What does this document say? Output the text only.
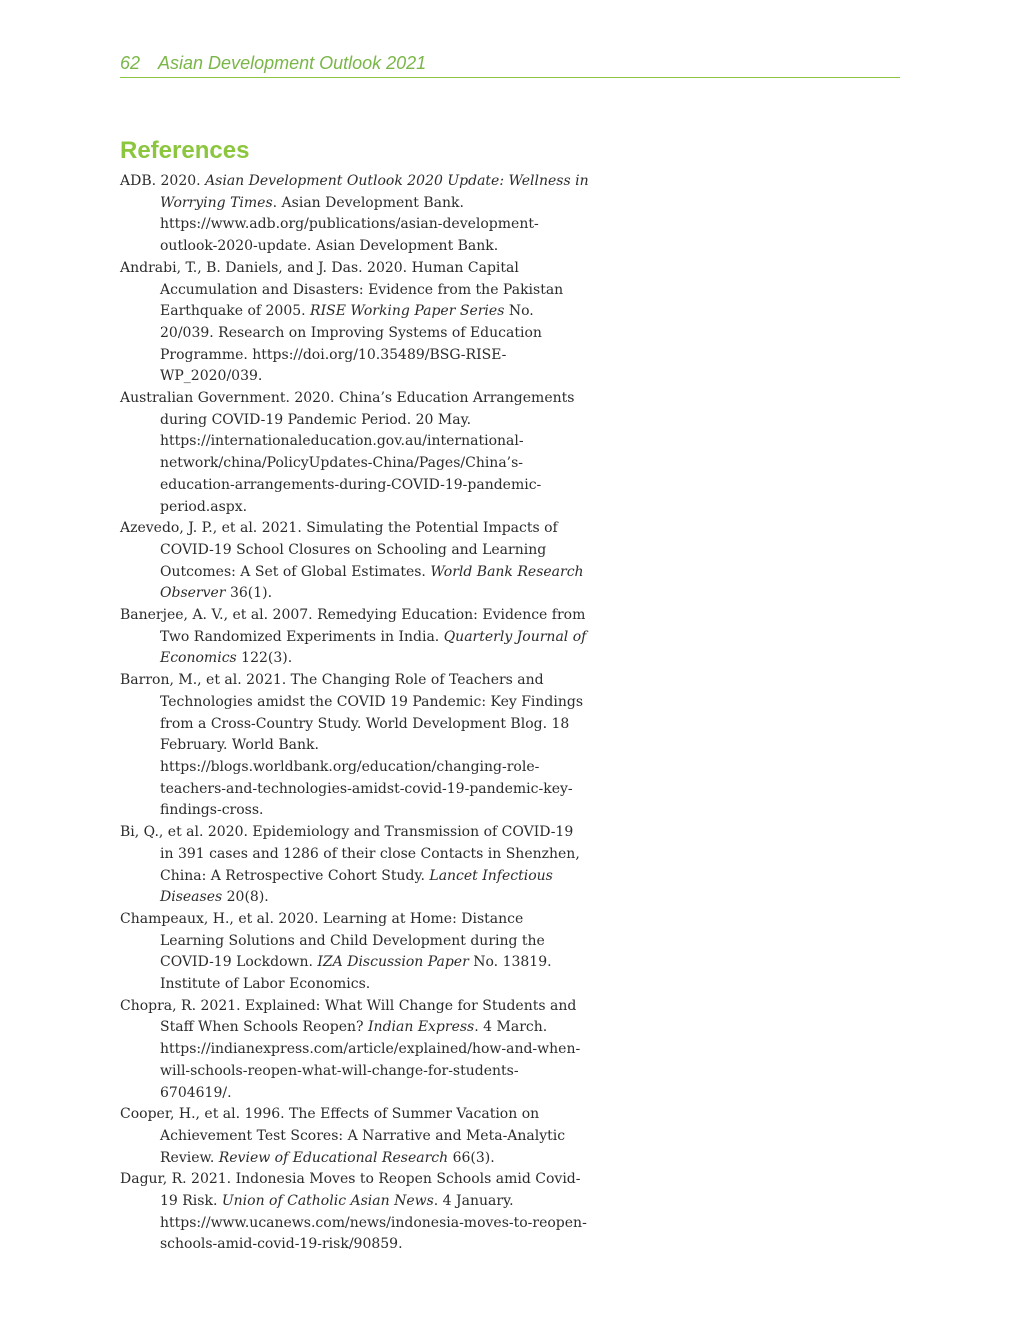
62 Asian Development Outlook 2021
References
ADB. 2020. Asian Development Outlook 2020 Update: Wellness in Worrying Times. Asian Development Bank. https://www.adb.org/publications/asian-development-outlook-2020-update. Asian Development Bank.
Andrabi, T., B. Daniels, and J. Das. 2020. Human Capital Accumulation and Disasters: Evidence from the Pakistan Earthquake of 2005. RISE Working Paper Series No. 20/039. Research on Improving Systems of Education Programme. https://doi.org/10.35489/BSG-RISE-WP_2020/039.
Australian Government. 2020. China’s Education Arrangements during COVID-19 Pandemic Period. 20 May. https://internationaleducation.gov.au/international-network/china/PolicyUpdates-China/Pages/China’s-education-arrangements-during-COVID-19-pandemic-period.aspx.
Azevedo, J. P., et al. 2021. Simulating the Potential Impacts of COVID-19 School Closures on Schooling and Learning Outcomes: A Set of Global Estimates. World Bank Research Observer 36(1).
Banerjee, A. V., et al. 2007. Remedying Education: Evidence from Two Randomized Experiments in India. Quarterly Journal of Economics 122(3).
Barron, M., et al. 2021. The Changing Role of Teachers and Technologies amidst the COVID 19 Pandemic: Key Findings from a Cross-Country Study. World Development Blog. 18 February. World Bank. https://blogs.worldbank.org/education/changing-role-teachers-and-technologies-amidst-covid-19-pandemic-key-findings-cross.
Bi, Q., et al. 2020. Epidemiology and Transmission of COVID-19 in 391 cases and 1286 of their close Contacts in Shenzhen, China: A Retrospective Cohort Study. Lancet Infectious Diseases 20(8).
Champeaux, H., et al. 2020. Learning at Home: Distance Learning Solutions and Child Development during the COVID-19 Lockdown. IZA Discussion Paper No. 13819. Institute of Labor Economics.
Chopra, R. 2021. Explained: What Will Change for Students and Staff When Schools Reopen? Indian Express. 4 March. https://indianexpress.com/article/explained/how-and-when-will-schools-reopen-what-will-change-for-students-6704619/.
Cooper, H., et al. 1996. The Effects of Summer Vacation on Achievement Test Scores: A Narrative and Meta-Analytic Review. Review of Educational Research 66(3).
Dagur, R. 2021. Indonesia Moves to Reopen Schools amid Covid-19 Risk. Union of Catholic Asian News. 4 January. https://www.ucanews.com/news/indonesia-moves-to-reopen-schools-amid-covid-19-risk/90859.
